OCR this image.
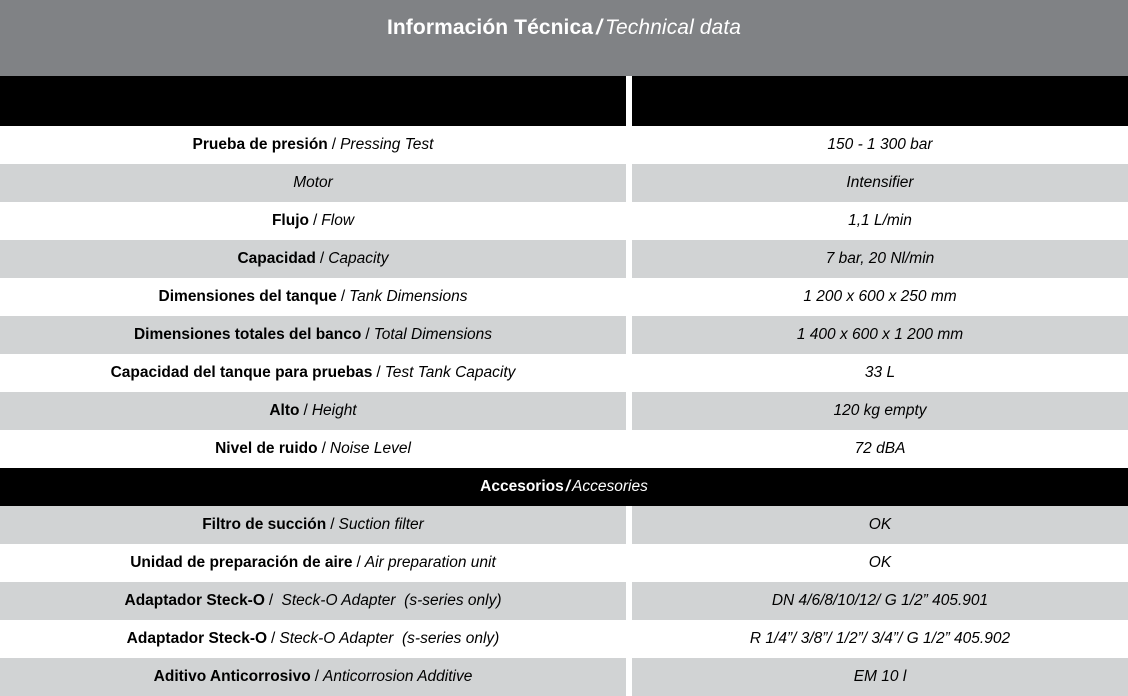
Información Técnica / Technical data
Prueba de presión / Pressing Test	150 - 1 300 bar
Motor	Intensifier
Flujo / Flow	1,1 L/min
Capacidad / Capacity	7 bar, 20 Nl/min
Dimensiones del tanque / Tank Dimensions	1 200 x 600 x 250 mm
Dimensiones totales del banco / Total Dimensions	1 400 x 600 x 1 200 mm
Capacidad del tanque para pruebas / Test Tank Capacity	33 L
Alto / Height	120 kg empty
Nivel de ruido / Noise Level	72 dBA
Accesorios / Accesories
Filtro de succión / Suction filter	OK
Unidad de preparación de aire / Air preparation unit	OK
Adaptador Steck-O / Steck-O Adapter (s-series only)	DN 4/6/8/10/12/ G 1/2” 405.901
Adaptador Steck-O / Steck-O Adapter (s-series only)	R 1/4”/ 3/8”/ 1/2”/ 3/4”/ G 1/2” 405.902
Aditivo Anticorrosivo / Anticorrosion Additive	EM 10 l
